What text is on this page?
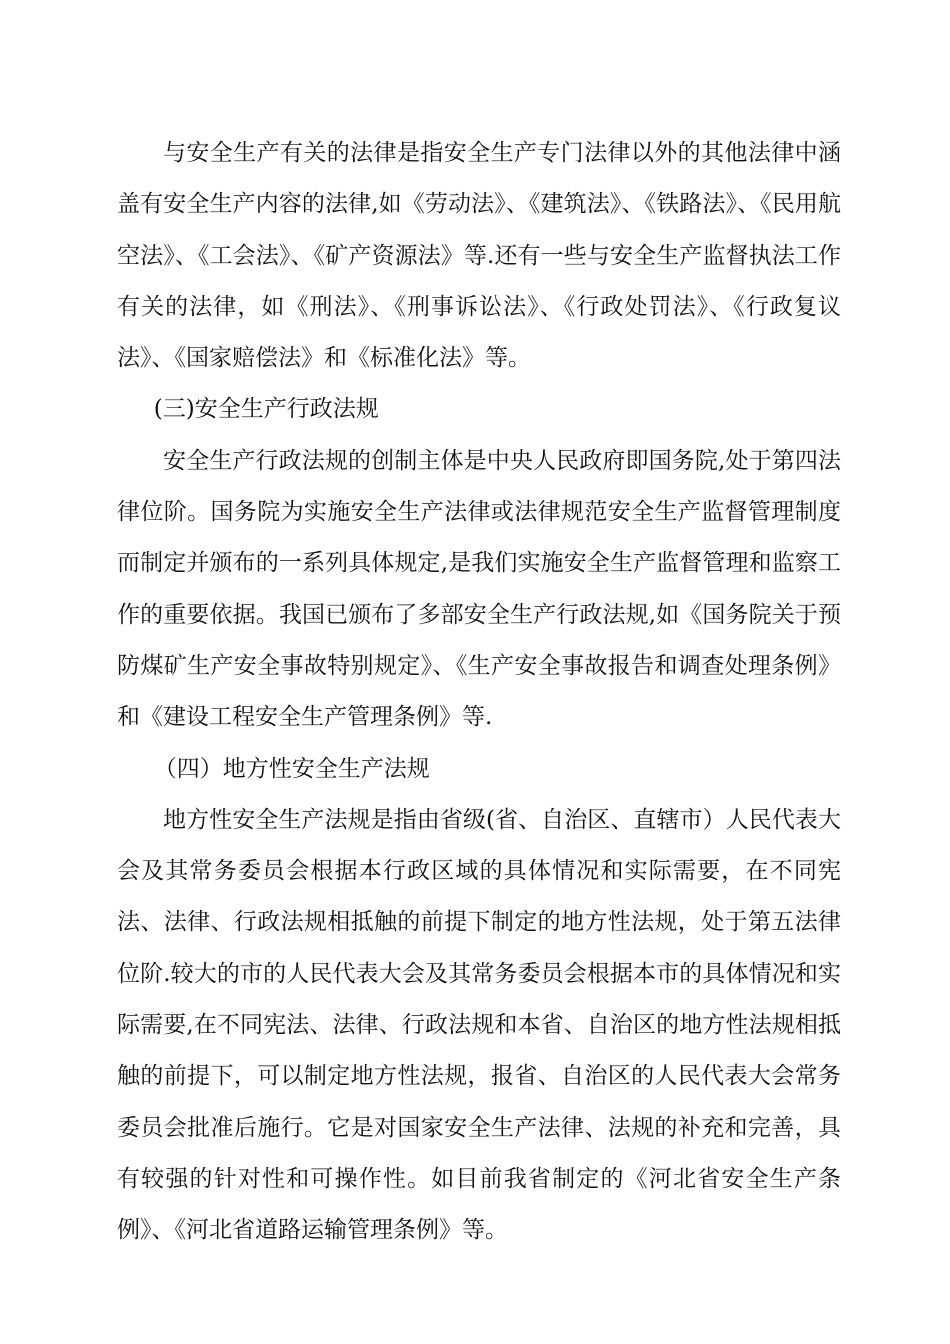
与安全生产有关的法律是指安全生产专门法律以外的其他法律中涵盖有安全生产内容的法律,如《劳动法》、《建筑法》、《铁路法》、《民用航空法》、《工会法》、《矿产资源法》等.还有一些与安全生产监督执法工作有关的法律，如《刑法》、《刑事诉讼法》、《行政处罚法》、《行政复议法》、《国家赔偿法》和《标准化法》等。

(三)安全生产行政法规

安全生产行政法规的创制主体是中央人民政府即国务院,处于第四法律位阶。国务院为实施安全生产法律或法律规范安全生产监督管理制度而制定并颁布的一系列具体规定,是我们实施安全生产监督管理和监察工作的重要依据。我国已颁布了多部安全生产行政法规,如《国务院关于预防煤矿生产安全事故特别规定》、《生产安全事故报告和调查处理条例》和《建设工程安全生产管理条例》等.

（四）地方性安全生产法规

地方性安全生产法规是指由省级(省、自治区、直辖市）人民代表大会及其常务委员会根据本行政区域的具体情况和实际需要，在不同宪法、法律、行政法规相抵触的前提下制定的地方性法规，处于第五法律位阶.较大的市的人民代表大会及其常务委员会根据本市的具体情况和实际需要,在不同宪法、法律、行政法规和本省、自治区的地方性法规相抵触的前提下，可以制定地方性法规，报省、自治区的人民代表大会常务委员会批准后施行。它是对国家安全生产法律、法规的补充和完善，具有较强的针对性和可操作性。如目前我省制定的《河北省安全生产条例》、《河北省道路运输管理条例》等。
